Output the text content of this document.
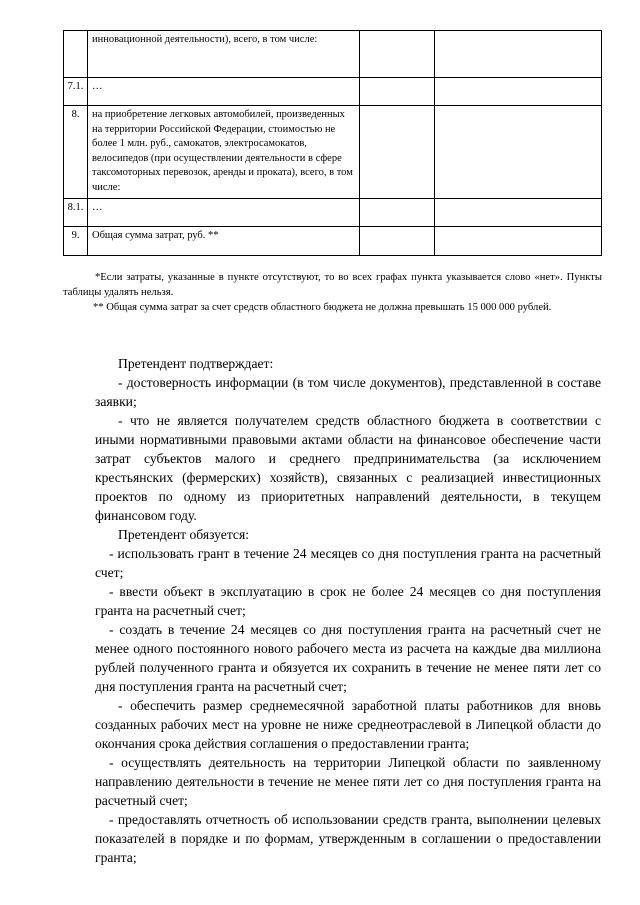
	инновационной деятельности), всего, в том числе:		
7.1.	…		
8.	на приобретение легковых автомобилей, произведенных на территории Российской Федерации, стоимостью не более 1 млн. руб., самокатов, электросамокатов, велосипедов (при осуществлении деятельности в сфере таксомоторных перевозок, аренды и проката), всего, в том числе:		
8.1.	…		
9.	Общая сумма затрат, руб. **		

*Если затраты, указанные в пункте отсутствуют, то во всех графах пункта указывается слово «нет». Пункты таблицы удалять нельзя.

** Общая сумма затрат за счет средств областного бюджета не должна превышать 15 000 000 рублей.

Претендент подтверждает:

- достоверность информации (в том числе документов), представленной в составе заявки;

- что не является получателем средств областного бюджета в соответствии с иными нормативными правовыми актами области на финансовое обеспечение части затрат субъектов малого и среднего предпринимательства (за исключением крестьянских (фермерских) хозяйств), связанных с реализацией инвестиционных проектов по одному из приоритетных направлений деятельности, в текущем финансовом году.

Претендент обязуется:

- использовать грант в течение 24 месяцев со дня поступления гранта на расчетный счет;

- ввести объект в эксплуатацию в срок не более 24 месяцев со дня поступления гранта на расчетный счет;

- создать в течение 24 месяцев со дня поступления гранта на расчетный счет не менее одного постоянного нового рабочего места из расчета на каждые два миллиона рублей полученного гранта и обязуется их сохранить в течение не менее пяти лет со дня поступления гранта на расчетный счет;

- обеспечить размер среднемесячной заработной платы работников для вновь созданных рабочих мест на уровне не ниже среднеотраслевой в Липецкой области до окончания срока действия соглашения о предоставлении гранта;

- осуществлять деятельность на территории Липецкой области по заявленному направлению деятельности в течение не менее пяти лет со дня поступления гранта на расчетный счет;

- предоставлять отчетность об использовании средств гранта, выполнении целевых показателей в порядке и по формам, утвержденным в соглашении о предоставлении гранта;
